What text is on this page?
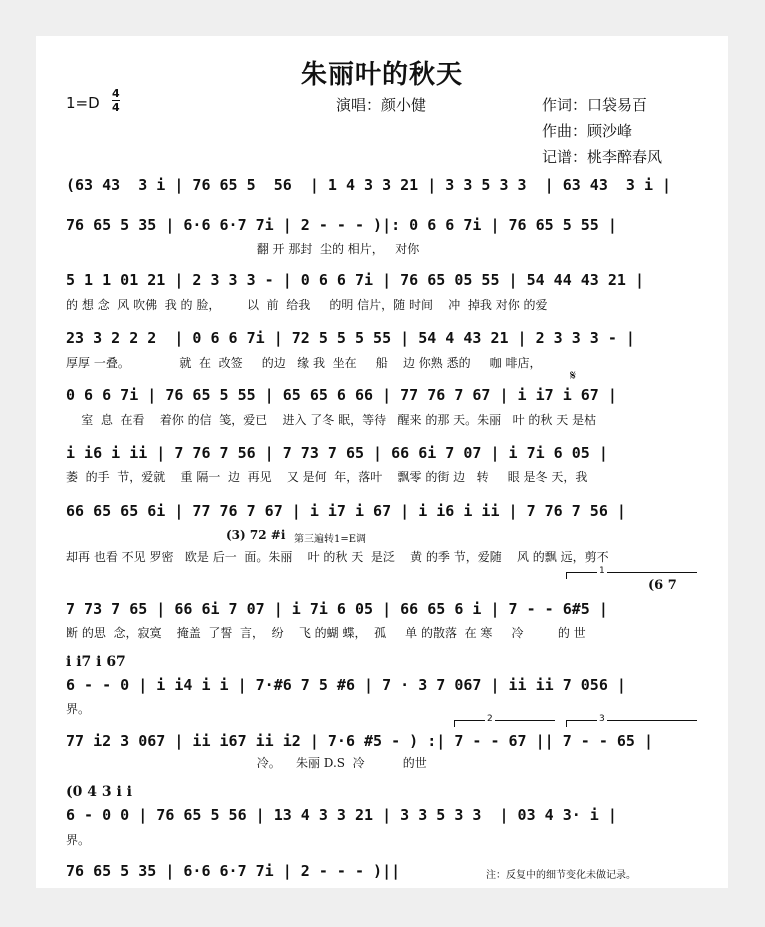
朱丽叶的秋天
1=D
4
4	演唱：颜小健	作词：口袋易百
作曲：顾沙峰
记谱：桃李醉春风
(63 43  3 i | 76 65 5  56  | 1 4 3 3 21 | 3 3 5 3 3  | 63 43  3 i |
76 65 5 35 | 6·6 6·7 7i | 2 - - - )|: 0 6 6 7i | 76 65 5 55 |
翻 开 那封  尘的 相片，   对你
5 1 1 01 21 | 2 3 3 3 - | 0 6 6 7i | 76 65 05 55 | 54 44 43 21 |
的 想 念  风 吹佛  我 的 脸，       以  前  给我     的明 信片，随 时间    冲  掉我 对你 的爱
23 3 2 2 2  | 0 6 6 7i | 72 5 5 5 55 | 54 4 43 21 | 2 3 3 3 - |
厚厚 一叠。             就  在  改签     的边   缘 我  坐在     船    边 你熟 悉的     咖 啡店，
𝄋
0 6 6 7i | 76 65 5 55 | 65 65 6 66 | 77 76 7 67 | i i7 i 67 |
室  息  在看    着你 的信  笺，爱已    进入 了冬 眠，等待   醒来 的那 天。朱丽   叶 的秋 天 是枯
i i6 i ii | 7 76 7 56 | 7 73 7 65 | 66 6i 7 07 | i 7i 6 05 |
萎  的手  节，爱就    重 隔一  边  再见    又 是何  年，落叶    飘零 的街 边   转     眼 是冬 天，我
66 65 65 6i | 77 76 7 67 | i i7 i 67 | i i6 i ii | 7 76 7 56 |
(3) 72 #i 第三遍转1=E调
却再 也看 不见 罗密   欧是 后一  面。朱丽    叶 的秋 天  是泛    黄 的季 节，爱随    风 的飘 远，剪不
1
(6 7
7 73 7 65 | 66 6i 7 07 | i 7i 6 05 | 66 65 6 i | 7 - - 6#5 |
断 的思  念，寂寞    掩盖  了誓  言，  纷    飞 的蝴 蝶，  孤     单 的散落  在 寒     冷         的 世
i i7 i 67
6 - - 0 | i i4 i i | 7·#6 7 5 #6 | 7 · 3 7 067 | ii ii 7 056 |
界。
2	3
77 i2 3 067 | ii i67 ii i2 | 7·6 #5 - ) :| 7 - - 67 || 7 - - 65 |
冷。    朱丽 D.S  冷          的世
(0 4 3 i i
6 - 0 0 | 76 65 5 56 | 13 4 3 3 21 | 3 3 5 3 3  | 03 4 3· i |
界。
76 65 5 35 | 6·6 6·7 7i | 2 - - - )||	注：反复中的细节变化未做记录。
